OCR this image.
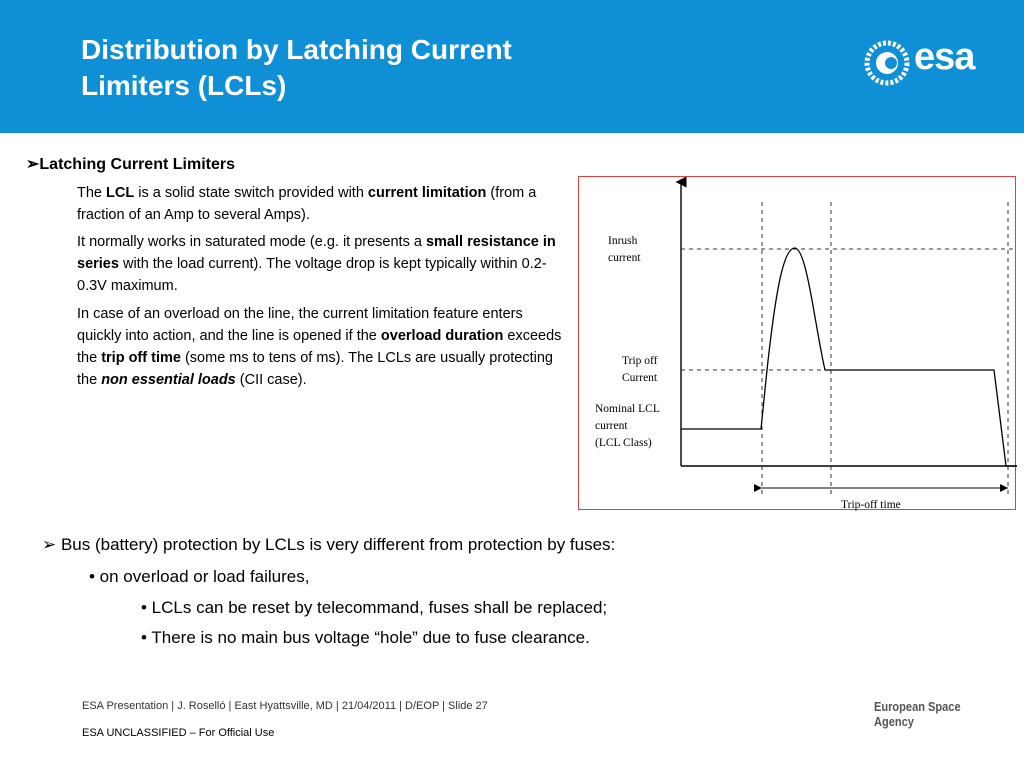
Distribution by Latching Current
Limiters (LCLs)
esa
➢Latching Current Limiters

The LCL is a solid state switch provided with current limitation (from a fraction of an Amp to several Amps).

It normally works in saturated mode (e.g. it presents a small resistance in series with the load current). The voltage drop is kept typically within 0.2-0.3V maximum.

In case of an overload on the line, the current limitation feature enters quickly into action, and the line is opened if the overload duration exceeds the trip off time (some ms to tens of ms). The LCLs are usually protecting the non essential loads (CII case).

Inrush
current
Trip off
Current
Nominal LCL
current
(LCL Class)
Trip-off time
➢ Bus (battery) protection by LCLs is very different from protection by fuses:
• on overload or load failures,
• LCLs can be reset by telecommand, fuses shall be replaced;
• There is no main bus voltage “hole” due to fuse clearance.
ESA Presentation | J. Roselló | East Hyattsville, MD | 21/04/2011 | D/EOP | Slide 27
ESA UNCLASSIFIED – For Official Use
European Space Agency
